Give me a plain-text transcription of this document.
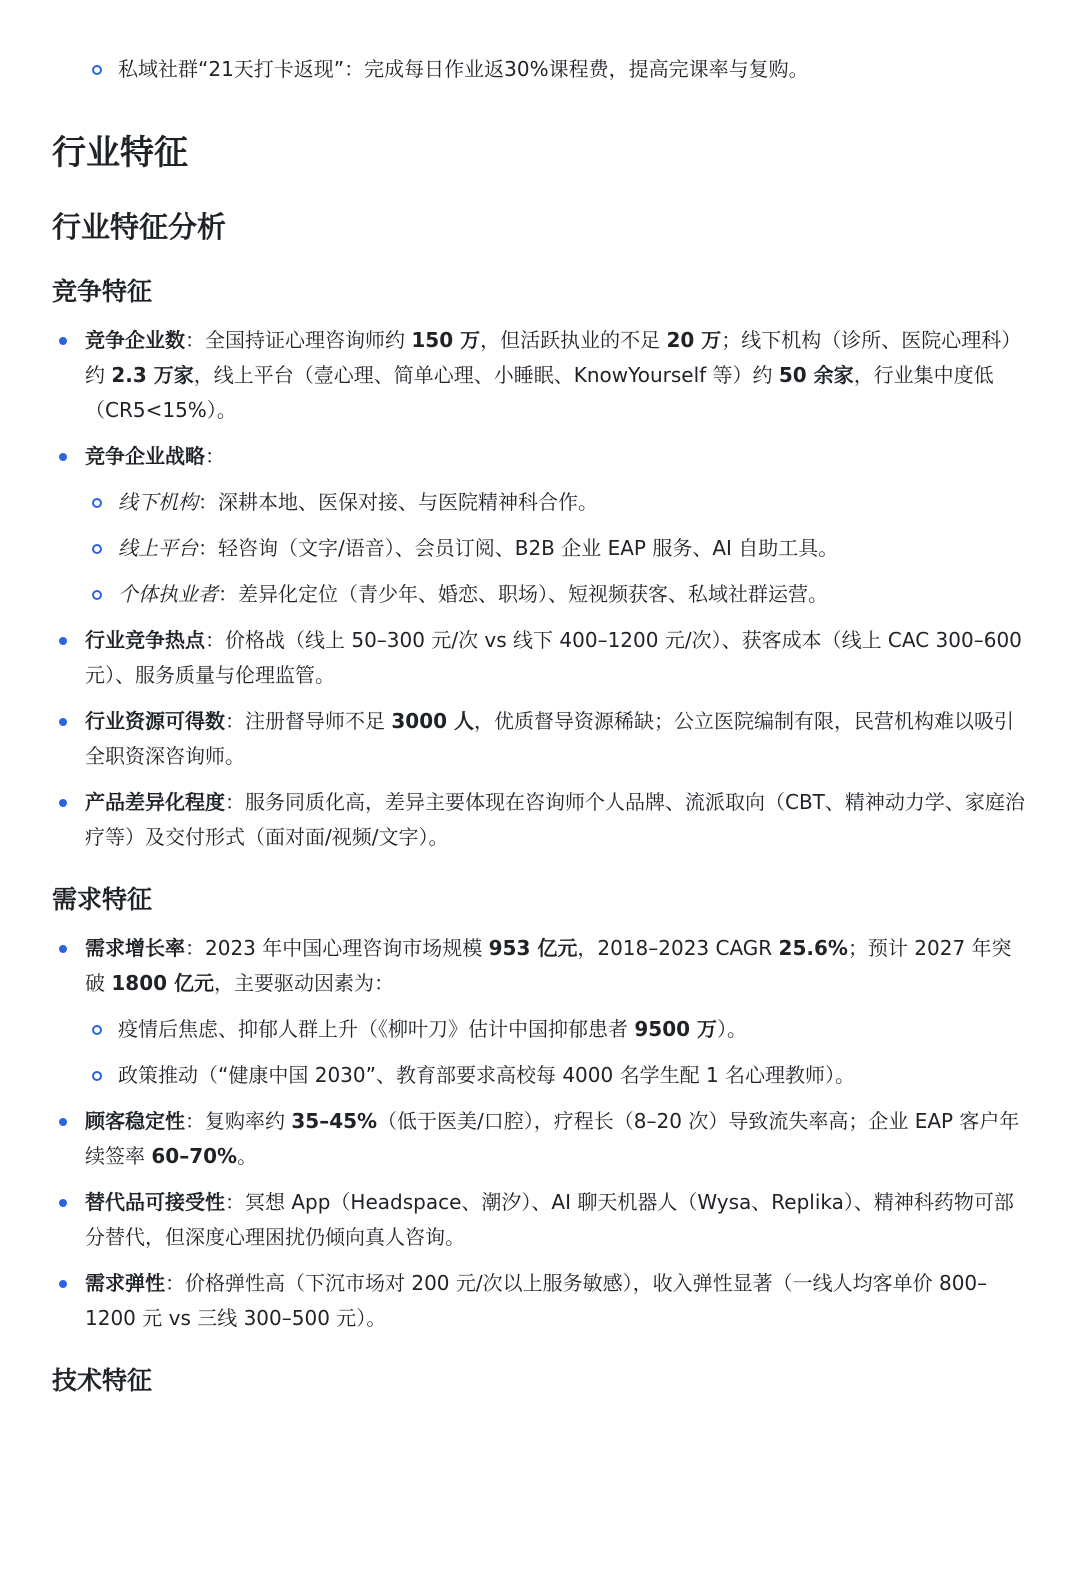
私域社群“21天打卡返现”：完成每日作业返30%课程费，提高完课率与复购。
行业特征
行业特征分析
竞争特征
竞争企业数：全国持证心理咨询师约 150 万，但活跃执业的不足 20 万；线下机构（诊所、医院心理科）约 2.3 万家，线上平台（壹心理、简单心理、小睡眠、KnowYourself 等）约 50 余家，行业集中度低（CR5<15%）。
竞争企业战略：
线下机构：深耕本地、医保对接、与医院精神科合作。
线上平台：轻咨询（文字/语音）、会员订阅、B2B 企业 EAP 服务、AI 自助工具。
个体执业者：差异化定位（青少年、婚恋、职场）、短视频获客、私域社群运营。
行业竞争热点：价格战（线上 50–300 元/次 vs 线下 400–1200 元/次）、获客成本（线上 CAC 300–600 元）、服务质量与伦理监管。
行业资源可得数：注册督导师不足 3000 人，优质督导资源稀缺；公立医院编制有限，民营机构难以吸引全职资深咨询师。
产品差异化程度：服务同质化高，差异主要体现在咨询师个人品牌、流派取向（CBT、精神动力学、家庭治疗等）及交付形式（面对面/视频/文字）。
需求特征
需求增长率：2023 年中国心理咨询市场规模 953 亿元，2018–2023 CAGR 25.6%；预计 2027 年突破 1800 亿元，主要驱动因素为：
疫情后焦虑、抑郁人群上升（《柳叶刀》估计中国抑郁患者 9500 万）。
政策推动（“健康中国 2030”、教育部要求高校每 4000 名学生配 1 名心理教师）。
顾客稳定性：复购率约 35–45%（低于医美/口腔），疗程长（8–20 次）导致流失率高；企业 EAP 客户年续签率 60–70%。
替代品可接受性：冥想 App（Headspace、潮汐）、AI 聊天机器人（Wysa、Replika）、精神科药物可部分替代，但深度心理困扰仍倾向真人咨询。
需求弹性：价格弹性高（下沉市场对 200 元/次以上服务敏感），收入弹性显著（一线人均客单价 800–1200 元 vs 三线 300–500 元）。
技术特征
